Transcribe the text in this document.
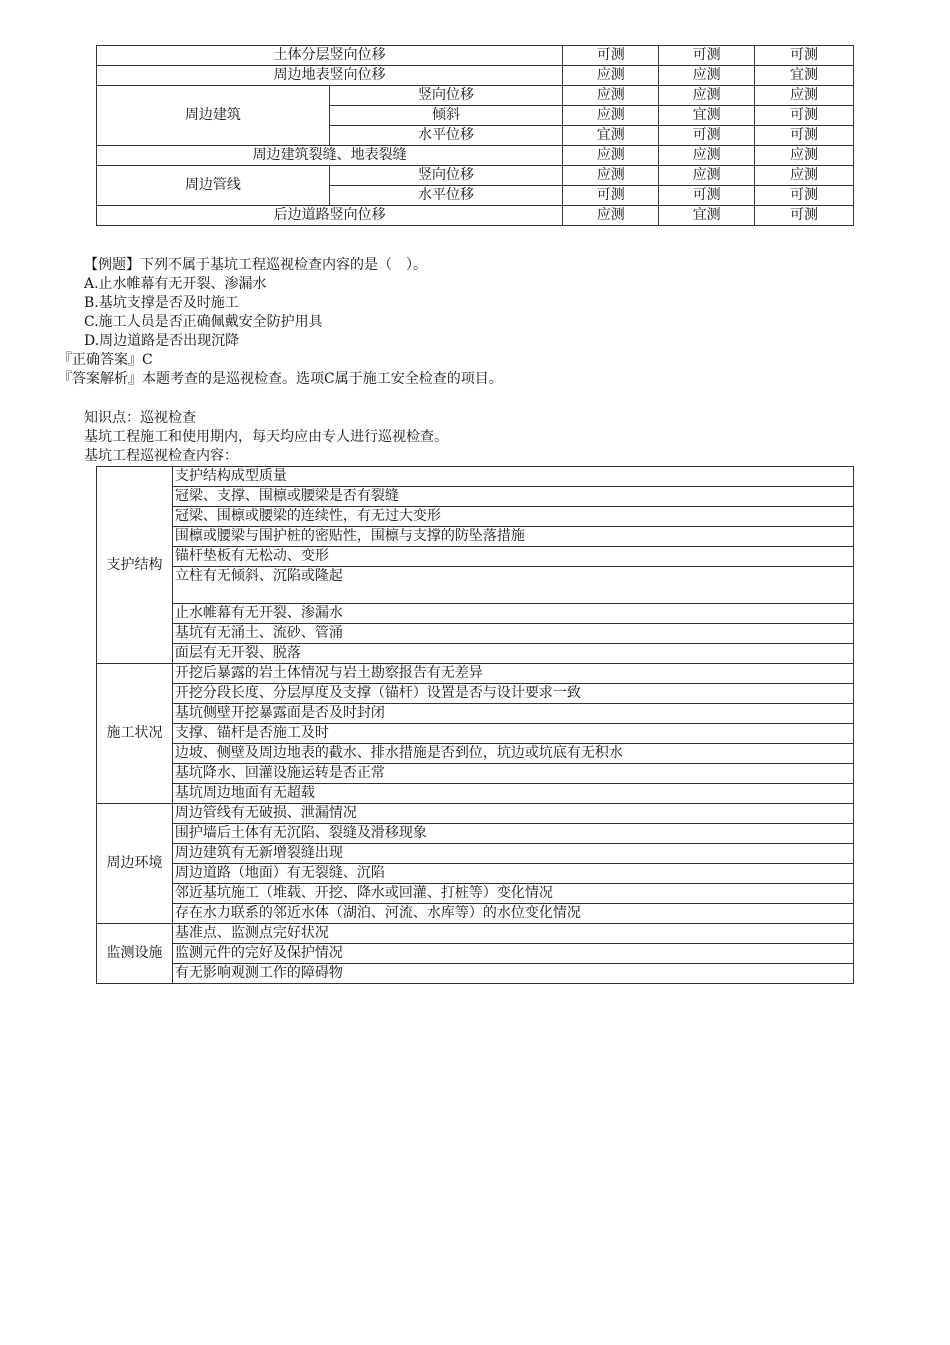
土体分层竖向位移		可测	可测	可测
周边地表竖向位移		应测	应测	宜测
周边建筑	竖向位移	应测	应测	应测
	倾斜	应测	宜测	可测
	水平位移	宜测	可测	可测
周边建筑裂缝、地表裂缝		应测	应测	应测
周边管线	竖向位移	应测	应测	应测
	水平位移	可测	可测	可测
后边道路竖向位移		应测	宜测	可测
【例题】下列不属于基坑工程巡视检查内容的是（　）。
A.止水帷幕有无开裂、渗漏水
B.基坑支撑是否及时施工
C.施工人员是否正确佩戴安全防护用具
D.周边道路是否出现沉降
『正确答案』C
『答案解析』本题考查的是巡视检查。选项C属于施工安全检查的项目。
知识点：巡视检查
基坑工程施工和使用期内，每天均应由专人进行巡视检查。
基坑工程巡视检查内容：
支护结构	支护结构成型质量
	冠梁、支撑、围檩或腰梁是否有裂缝
	冠梁、围檩或腰梁的连续性，有无过大变形
	围檩或腰梁与围护桩的密贴性，围檩与支撑的防坠落措施
	锚杆垫板有无松动、变形
	立柱有无倾斜、沉陷或隆起
	止水帷幕有无开裂、渗漏水
	基坑有无涌土、流砂、管涌
	面层有无开裂、脱落
施工状况	开挖后暴露的岩土体情况与岩土勘察报告有无差异
	开挖分段长度、分层厚度及支撑（锚杆）设置是否与设计要求一致
	基坑侧壁开挖暴露面是否及时封闭
	支撑、锚杆是否施工及时
	边坡、侧壁及周边地表的截水、排水措施是否到位，坑边或坑底有无积水
	基坑降水、回灌设施运转是否正常
	基坑周边地面有无超载
周边环境	周边管线有无破损、泄漏情况
	围护墙后土体有无沉陷、裂缝及滑移现象
	周边建筑有无新增裂缝出现
	周边道路（地面）有无裂缝、沉陷
	邻近基坑施工（堆载、开挖、降水或回灌、打桩等）变化情况
	存在水力联系的邻近水体（湖泊、河流、水库等）的水位变化情况
监测设施	基准点、监测点完好状况
	监测元件的完好及保护情况
	有无影响观测工作的障碍物
